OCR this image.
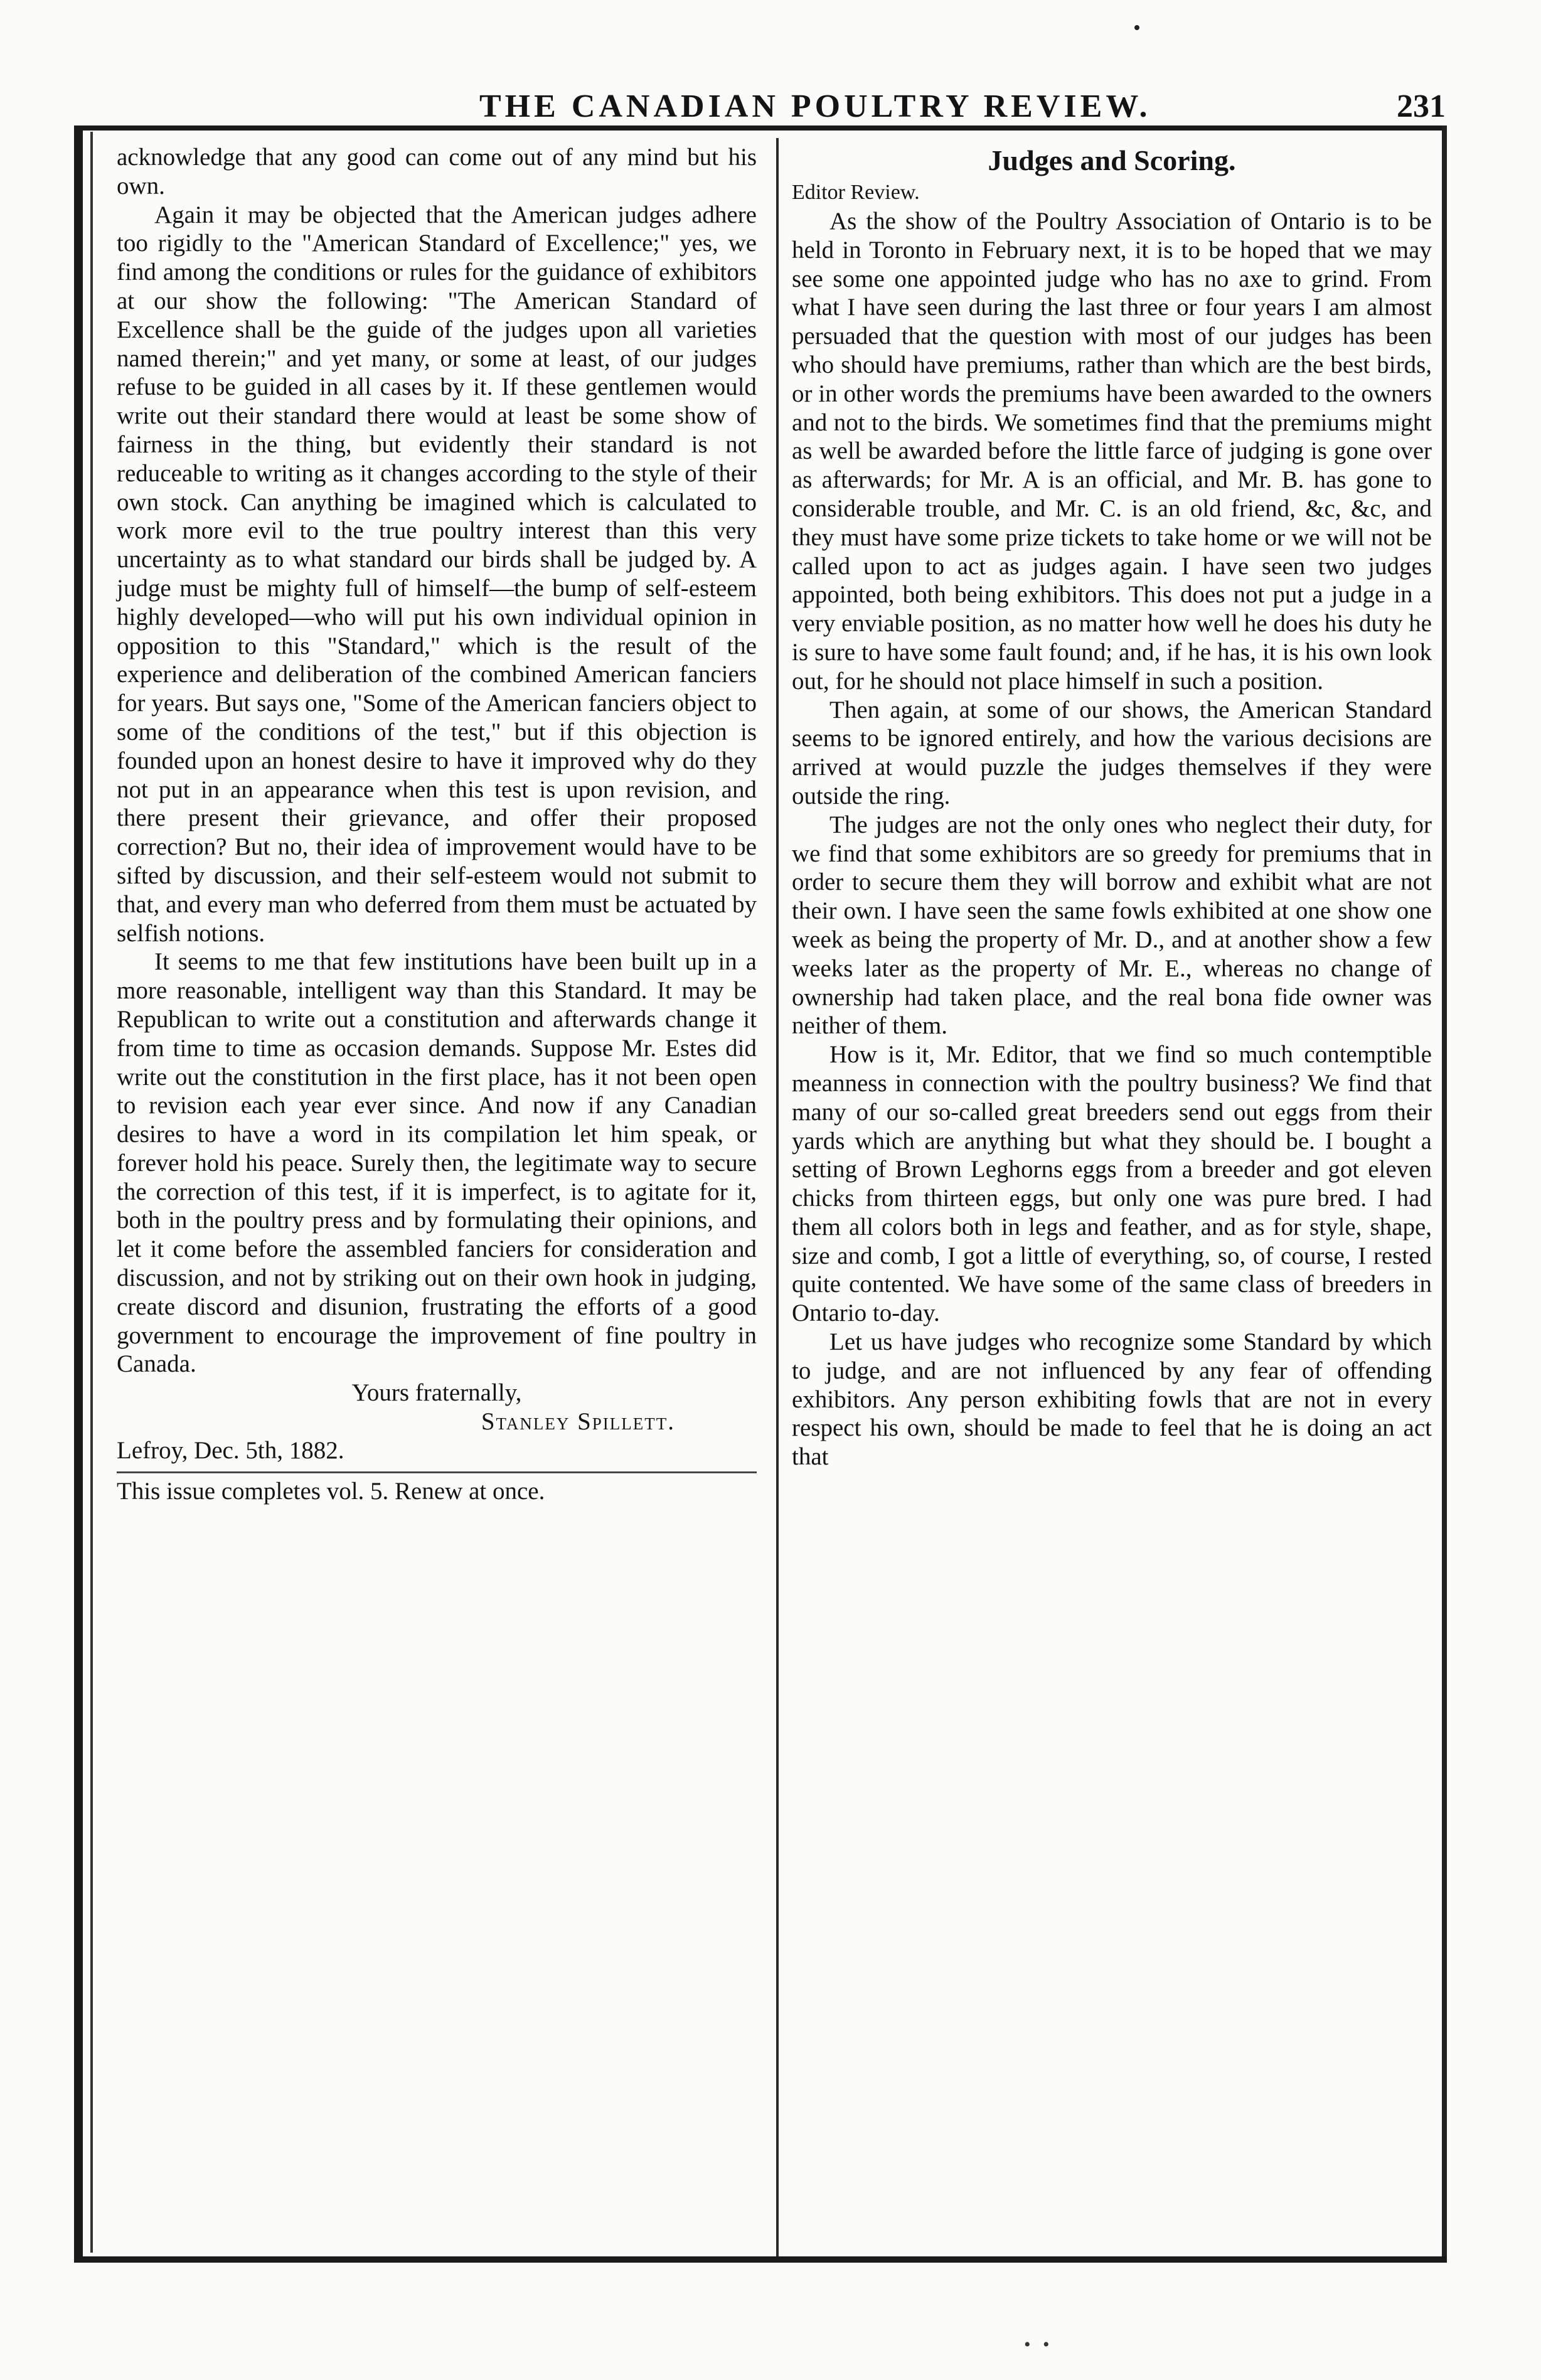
THE CANADIAN POULTRY REVIEW.	231

acknowledge that any good can come out of any mind but his own.

Again it may be objected that the American judges adhere too rigidly to the "American Standard of Excellence;" yes, we find among the conditions or rules for the guidance of exhibitors at our show the following: "The American Standard of Excellence shall be the guide of the judges upon all varieties named therein;" and yet many, or some at least, of our judges refuse to be guided in all cases by it. If these gentlemen would write out their standard there would at least be some show of fairness in the thing, but evidently their standard is not reduceable to writing as it changes according to the style of their own stock. Can anything be imagined which is calculated to work more evil to the true poultry interest than this very uncertainty as to what standard our birds shall be judged by. A judge must be mighty full of himself—the bump of self-esteem highly developed—who will put his own individual opinion in opposition to this "Standard," which is the result of the experience and deliberation of the combined American fanciers for years. But says one, "Some of the American fanciers object to some of the conditions of the test," but if this objection is founded upon an honest desire to have it improved why do they not put in an appearance when this test is upon revision, and there present their grievance, and offer their proposed correction? But no, their idea of improvement would have to be sifted by discussion, and their self-esteem would not submit to that, and every man who deferred from them must be actuated by selfish notions.

It seems to me that few institutions have been built up in a more reasonable, intelligent way than this Standard. It may be Republican to write out a constitution and afterwards change it from time to time as occasion demands. Suppose Mr. Estes did write out the constitution in the first place, has it not been open to revision each year ever since. And now if any Canadian desires to have a word in its compilation let him speak, or forever hold his peace. Surely then, the legitimate way to secure the correction of this test, if it is imperfect, is to agitate for it, both in the poultry press and by formulating their opinions, and let it come before the assembled fanciers for consideration and discussion, and not by striking out on their own hook in judging, create discord and disunion, frustrating the efforts of a good government to encourage the improvement of fine poultry in Canada.

Yours fraternally,

Stanley Spillett.

Lefroy, Dec. 5th, 1882.

This issue completes vol. 5. Renew at once.

Judges and Scoring.

Editor Review.

As the show of the Poultry Association of Ontario is to be held in Toronto in February next, it is to be hoped that we may see some one appointed judge who has no axe to grind. From what I have seen during the last three or four years I am almost persuaded that the question with most of our judges has been who should have premiums, rather than which are the best birds, or in other words the premiums have been awarded to the owners and not to the birds. We sometimes find that the premiums might as well be awarded before the little farce of judging is gone over as afterwards; for Mr. A is an official, and Mr. B. has gone to considerable trouble, and Mr. C. is an old friend, &c, &c, and they must have some prize tickets to take home or we will not be called upon to act as judges again. I have seen two judges appointed, both being exhibitors. This does not put a judge in a very enviable position, as no matter how well he does his duty he is sure to have some fault found; and, if he has, it is his own look out, for he should not place himself in such a position.

Then again, at some of our shows, the American Standard seems to be ignored entirely, and how the various decisions are arrived at would puzzle the judges themselves if they were outside the ring.

The judges are not the only ones who neglect their duty, for we find that some exhibitors are so greedy for premiums that in order to secure them they will borrow and exhibit what are not their own. I have seen the same fowls exhibited at one show one week as being the property of Mr. D., and at another show a few weeks later as the property of Mr. E., whereas no change of ownership had taken place, and the real bona fide owner was neither of them.

How is it, Mr. Editor, that we find so much contemptible meanness in connection with the poultry business? We find that many of our so-called great breeders send out eggs from their yards which are anything but what they should be. I bought a setting of Brown Leghorns eggs from a breeder and got eleven chicks from thirteen eggs, but only one was pure bred. I had them all colors both in legs and feather, and as for style, shape, size and comb, I got a little of everything, so, of course, I rested quite contented. We have some of the same class of breeders in Ontario to-day.

Let us have judges who recognize some Standard by which to judge, and are not influenced by any fear of offending exhibitors. Any person exhibiting fowls that are not in every respect his own, should be made to feel that he is doing an act that

• •
